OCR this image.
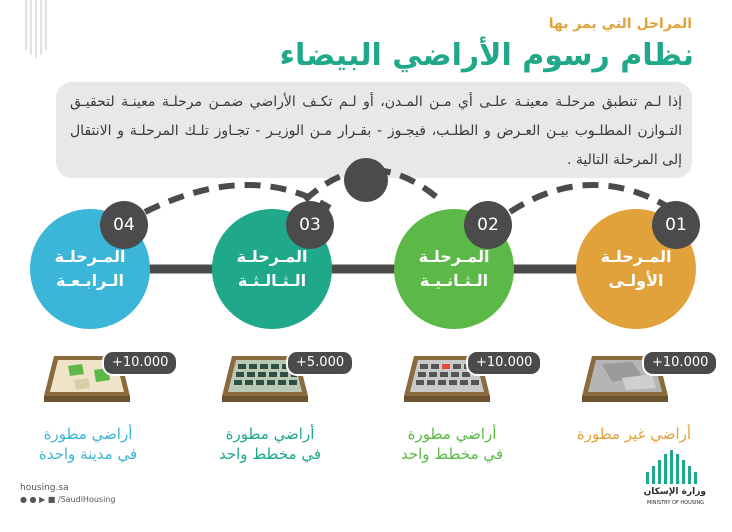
المراحل التي يمر بها
نظام رسوم الأراضي البيضاء
إذا لـم تنطبق مرحلـة معينـة علـى أي مـن المـدن، أو لـم تكـف الأراضي ضمـن مرحلـة معينـة لتحقيـق التـوازن المطلـوب بيـن العـرض و الطلـب، فيجـوز - بقـرار مـن الوزيـر - تجـاوز تلـك المرحلـة و الانتقال إلى المرحلة التالية .
المـرحلـة
الـرابـعـة
04
المـرحلـة
الـثـالـثـة
03
المـرحلـة
الـثـانـيـة
02
المـرحلـة
الأولـى
01
+10.000	+5.000	+10.000	+10.000
أراضي مطورة
في مدينة واحدة
أراضي مطورة
في مخطط واحد
أراضي مطورة
في مخطط واحد
أراضي غير مطورة
housing.sa
● ● ▶ ■ /SaudiHousing
وزارة الإسكان
MINISTRY OF HOUSING
